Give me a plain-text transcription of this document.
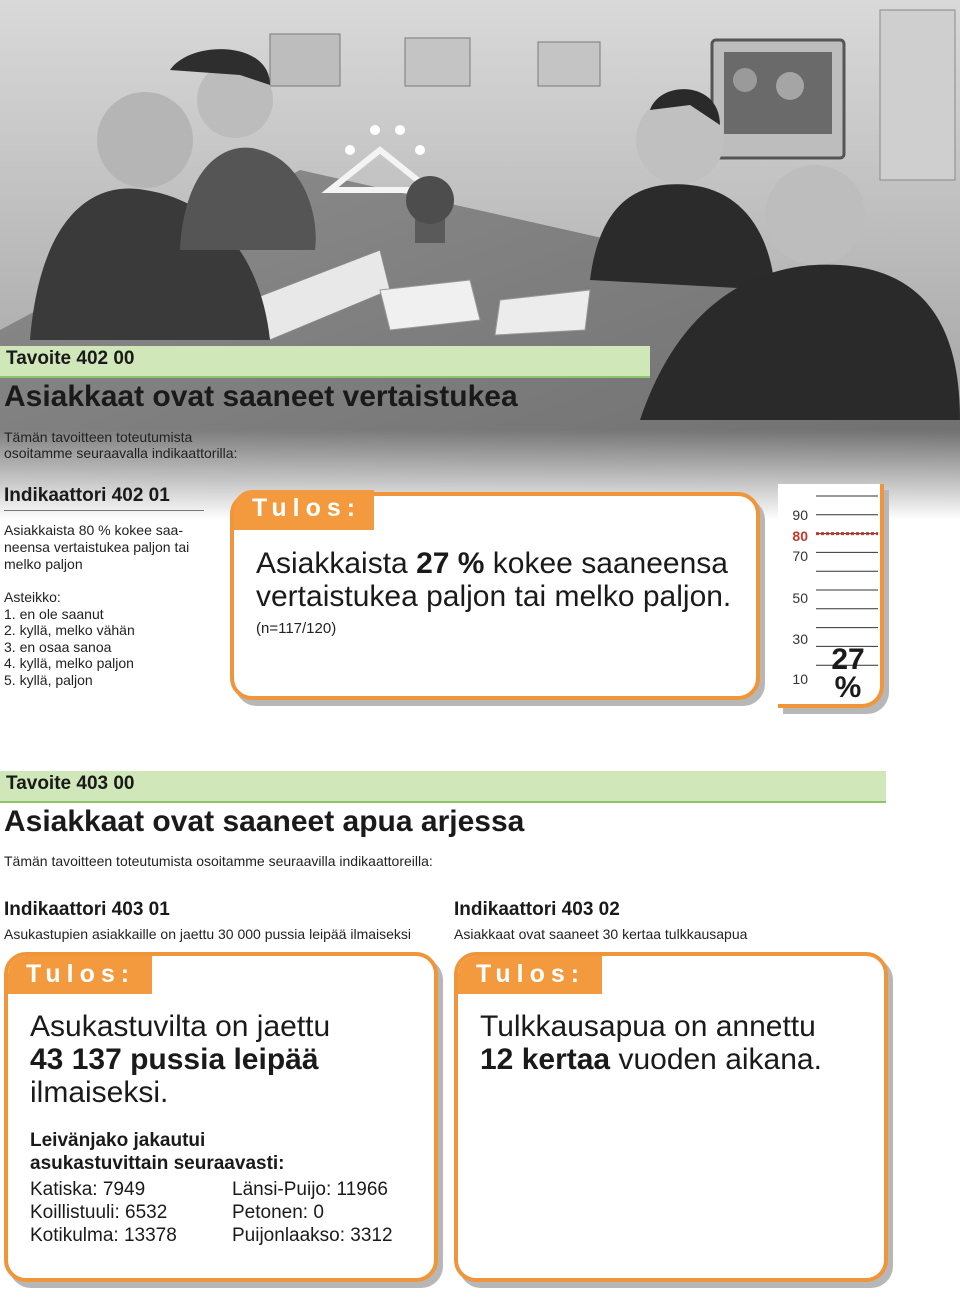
Tavoite 402 00
Asiakkaat ovat saaneet vertaistukea
Tämän tavoitteen toteutumista
osoitamme seuraavalla indikaattorilla:
Indikaattori 402 01
Asiakkaista 80 % kokee saa-
neensa vertaistukea paljon tai
melko paljon
Asteikko:
1. en ole saanut
2. kyllä, melko vähän
3. en osaa sanoa
4. kyllä, melko paljon
5. kyllä, paljon
Tulos:
Asiakkaista 27 % kokee saaneensa
vertaistukea paljon tai melko paljon.
(n=117/120)
90
80
70
50
30
10
27
%
Tavoite 403 00
Asiakkaat ovat saaneet apua arjessa
Tämän tavoitteen toteutumista osoitamme seuraavilla indikaattoreilla:
Indikaattori 403 01
Asukastupien asiakkaille on jaettu 30 000 pussia leipää ilmaiseksi
Tulos:
Asukastuvilta on jaettu
43 137 pussia leipää
ilmaiseksi.
Leivänjako jakautui
asukastuvittain seuraavasti:
Katiska: 7949	Länsi-Puijo: 11966
Koillistuuli: 6532	Petonen: 0
Kotikulma: 13378	Puijonlaakso: 3312
Indikaattori 403 02
Asiakkaat ovat saaneet 30 kertaa tulkkausapua
Tulos:
Tulkkausapua on annettu
12 kertaa vuoden aikana.
